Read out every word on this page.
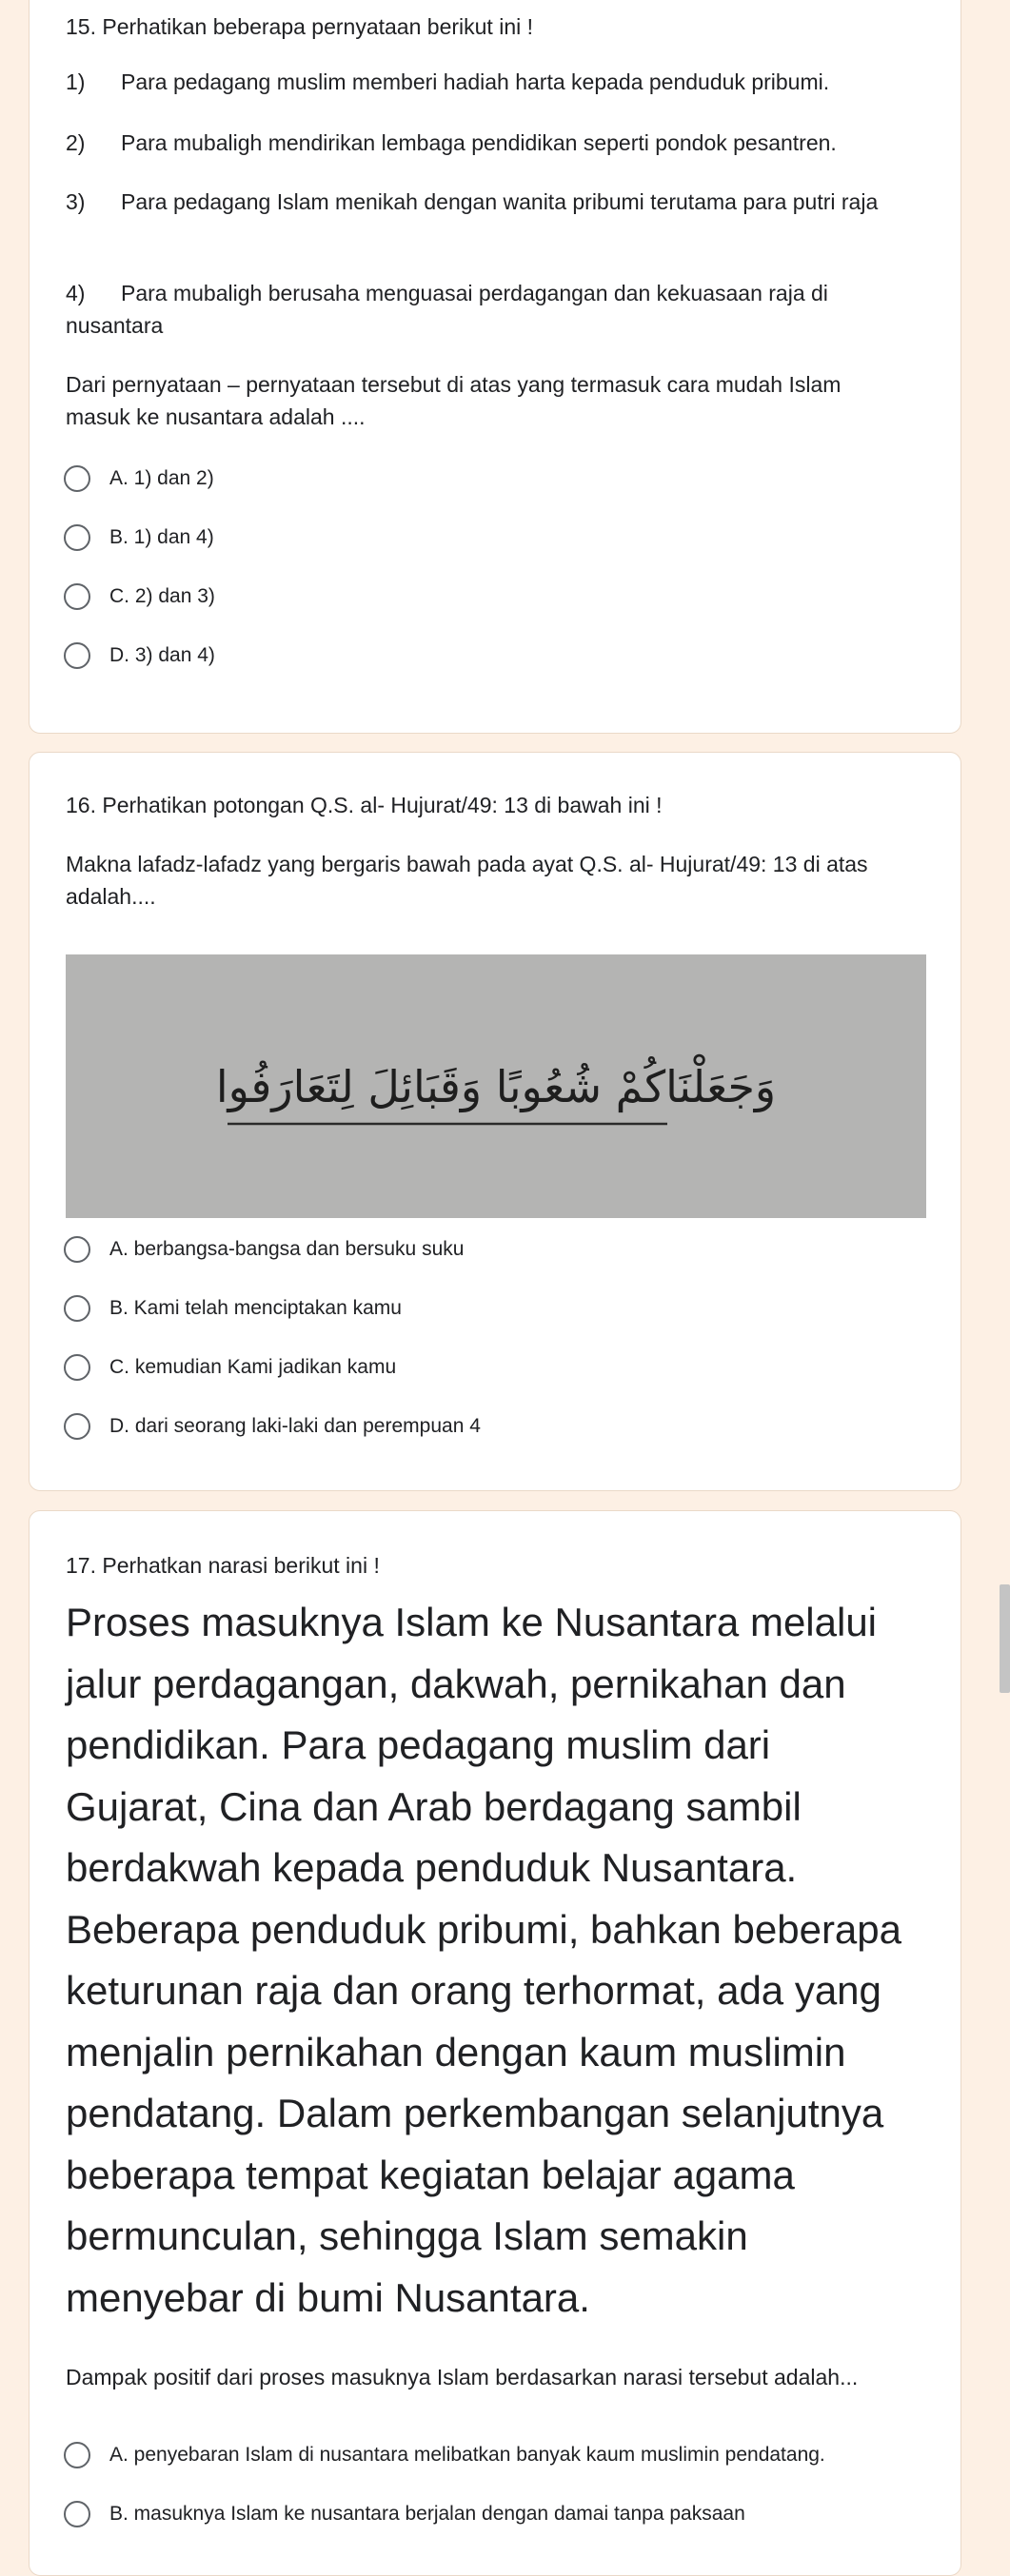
15. Perhatikan beberapa pernyataan berikut ini !
1) Para pedagang muslim memberi hadiah harta kepada penduduk pribumi.
2) Para mubaligh mendirikan lembaga pendidikan seperti pondok pesantren.
3) Para pedagang Islam menikah dengan wanita pribumi terutama para putri raja
4) Para mubaligh berusaha menguasai perdagangan dan kekuasaan raja di nusantara
Dari pernyataan – pernyataan tersebut di atas yang termasuk cara mudah Islam masuk ke nusantara adalah ....
A. 1) dan 2)
B. 1) dan 4)
C. 2) dan 3)
D. 3) dan 4)
16. Perhatikan potongan Q.S. al- Hujurat/49: 13 di bawah ini !
Makna lafadz-lafadz yang bergaris bawah pada ayat Q.S. al- Hujurat/49: 13 di atas adalah....
وَجَعَلْنَاكُمْ شُعُوبًا وَقَبَائِلَ لِتَعَارَفُوا
A. berbangsa-bangsa dan bersuku suku
B. Kami telah menciptakan kamu
C. kemudian Kami jadikan kamu
D. dari seorang laki-laki dan perempuan 4
17. Perhatkan narasi berikut ini !
Proses masuknya Islam ke Nusantara melalui
jalur perdagangan, dakwah, pernikahan dan
pendidikan. Para pedagang muslim dari
Gujarat, Cina dan Arab berdagang sambil
berdakwah kepada penduduk Nusantara.
Beberapa penduduk pribumi, bahkan beberapa
keturunan raja dan orang terhormat, ada yang
menjalin pernikahan dengan kaum muslimin
pendatang. Dalam perkembangan selanjutnya
beberapa tempat kegiatan belajar agama
bermunculan, sehingga Islam semakin
menyebar di bumi Nusantara.
Dampak positif dari proses masuknya Islam berdasarkan narasi tersebut adalah...
A. penyebaran Islam di nusantara melibatkan banyak kaum muslimin pendatang.
B. masuknya Islam ke nusantara berjalan dengan damai tanpa paksaan
